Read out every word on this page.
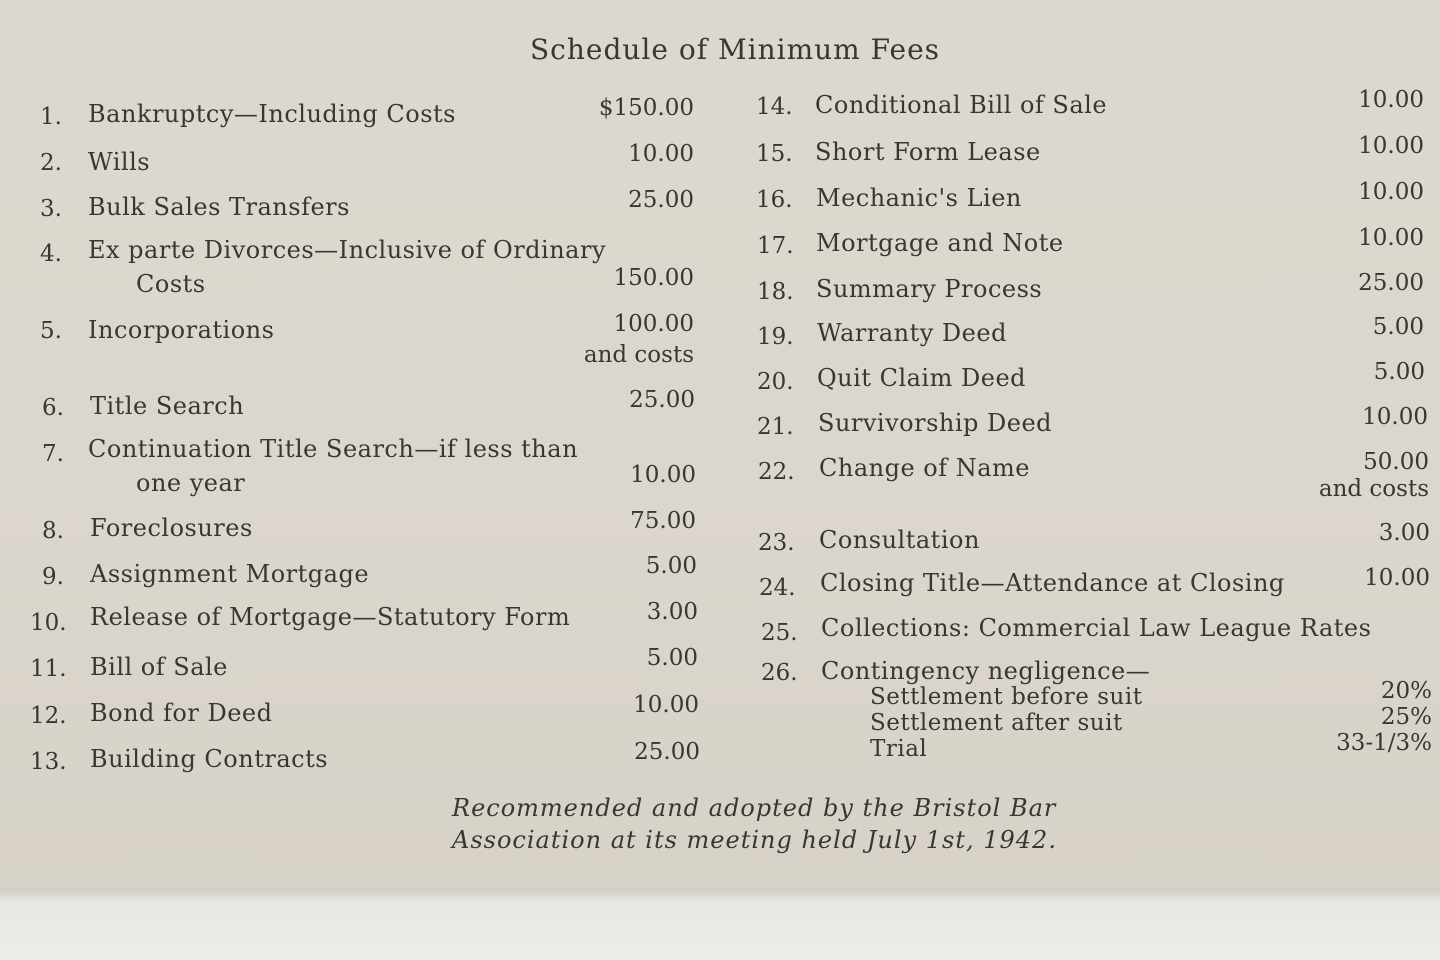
Schedule of Minimum Fees
1. Bankruptcy—Including Costs	$150.00
2. Wills	10.00
3. Bulk Sales Transfers	25.00
4. Ex parte Divorces—Inclusive of Ordinary
Costs	150.00
5. Incorporations	100.00
and costs
6. Title Search	25.00
7. Continuation Title Search—if less than
one year	10.00
8. Foreclosures	75.00
9. Assignment Mortgage	5.00
10. Release of Mortgage—Statutory Form	3.00
11. Bill of Sale	5.00
12. Bond for Deed	10.00
13. Building Contracts	25.00
14. Conditional Bill of Sale	10.00
15. Short Form Lease	10.00
16. Mechanic's Lien	10.00
17. Mortgage and Note	10.00
18. Summary Process	25.00
19. Warranty Deed	5.00
20. Quit Claim Deed	5.00
21. Survivorship Deed	10.00
22. Change of Name	50.00
and costs
23. Consultation	3.00
24. Closing Title—Attendance at Closing	10.00
25. Collections: Commercial Law League Rates
26. Contingency negligence—
Settlement before suit	20%
Settlement after suit	25%
Trial	33-1/3%
Recommended and adopted by the Bristol Bar
Association at its meeting held July 1st, 1942.
